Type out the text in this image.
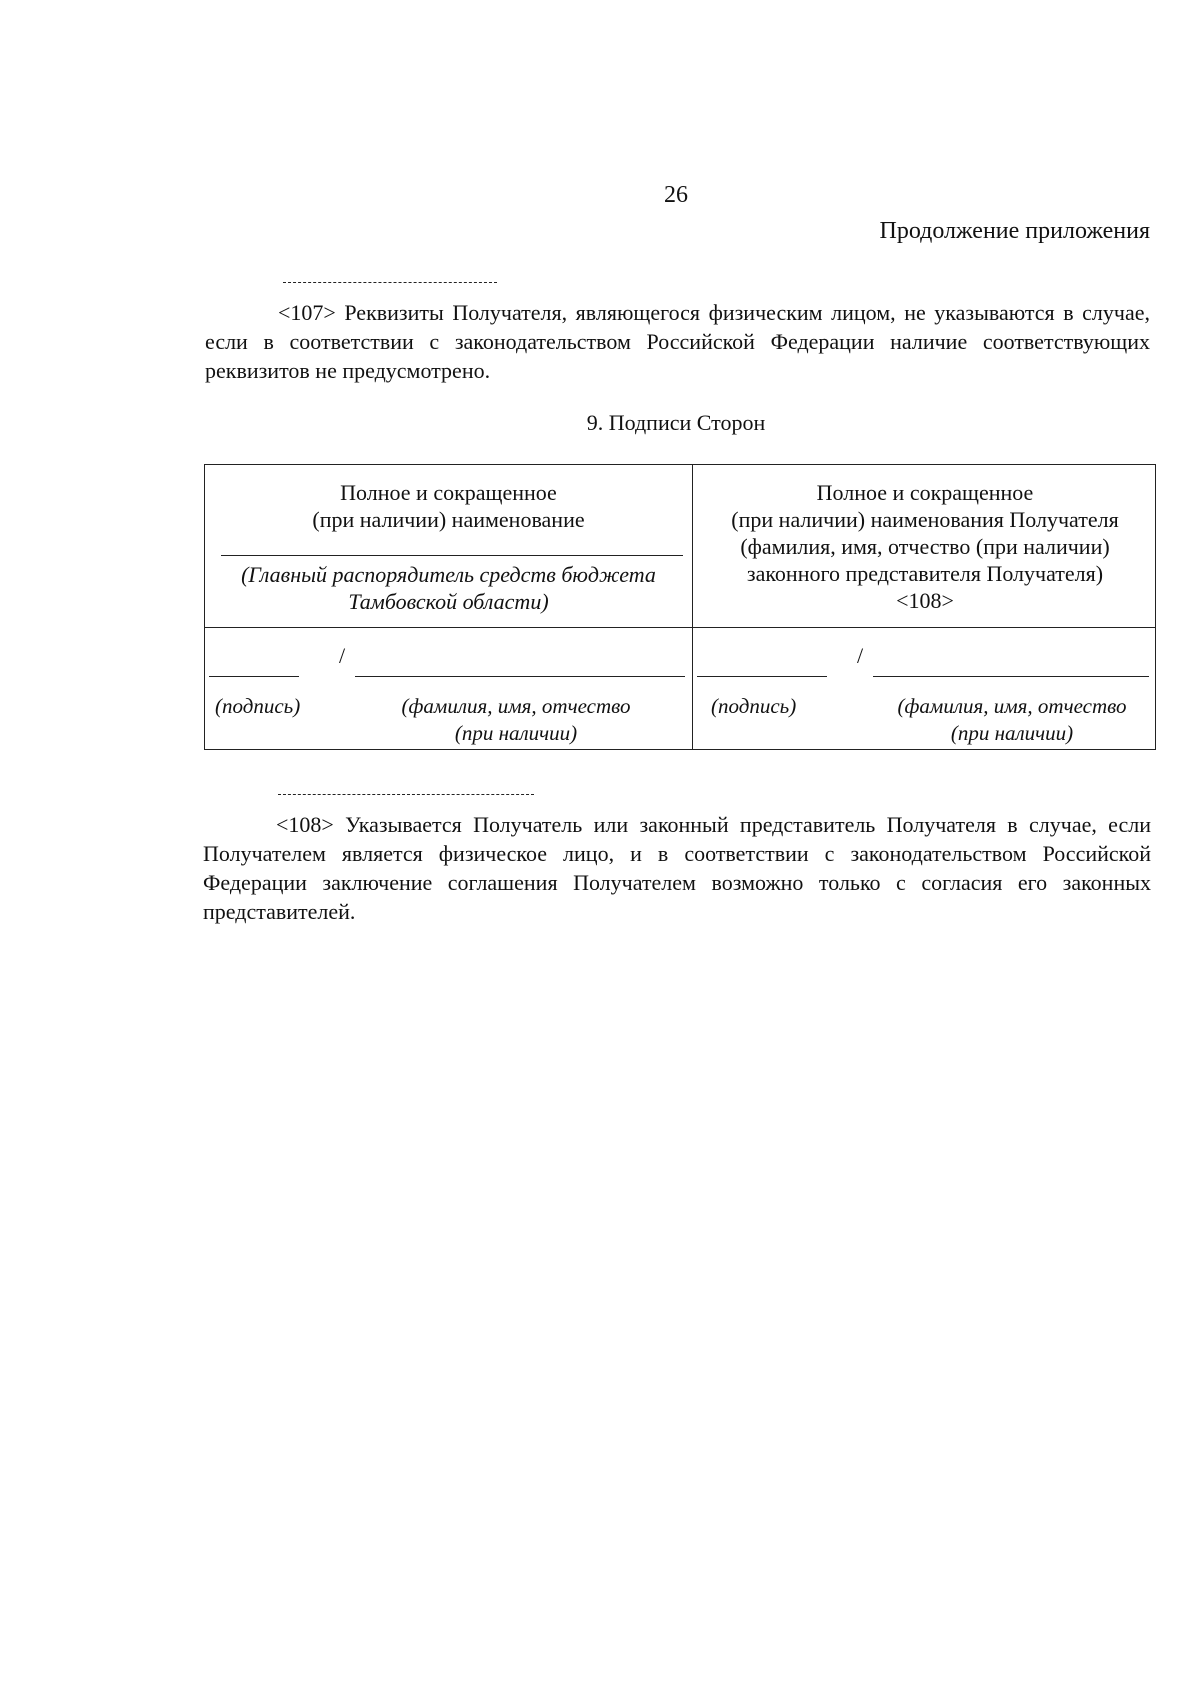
26
Продолжение приложения
<107> Реквизиты Получателя, являющегося физическим лицом, не указываются в случае, если в соответствии с законодательством Российской Федерации наличие соответствующих реквизитов не предусмотрено.
9. Подписи Сторон
Полное и сокращенное
(при наличии) наименование
(Главный распорядитель средств бюджета
Тамбовской области)
Полное и сокращенное
(при наличии) наименования Получателя
(фамилия, имя, отчество (при наличии)
законного представителя Получателя)
<108>
/
(подпись)	(фамилия, имя, отчество
(при наличии)
/
(подпись)	(фамилия, имя, отчество
(при наличии)
<108> Указывается Получатель или законный представитель Получателя в случае, если Получателем является физическое лицо, и в соответствии с законодательством Российской Федерации заключение соглашения Получателем возможно только с согласия его законных представителей.
